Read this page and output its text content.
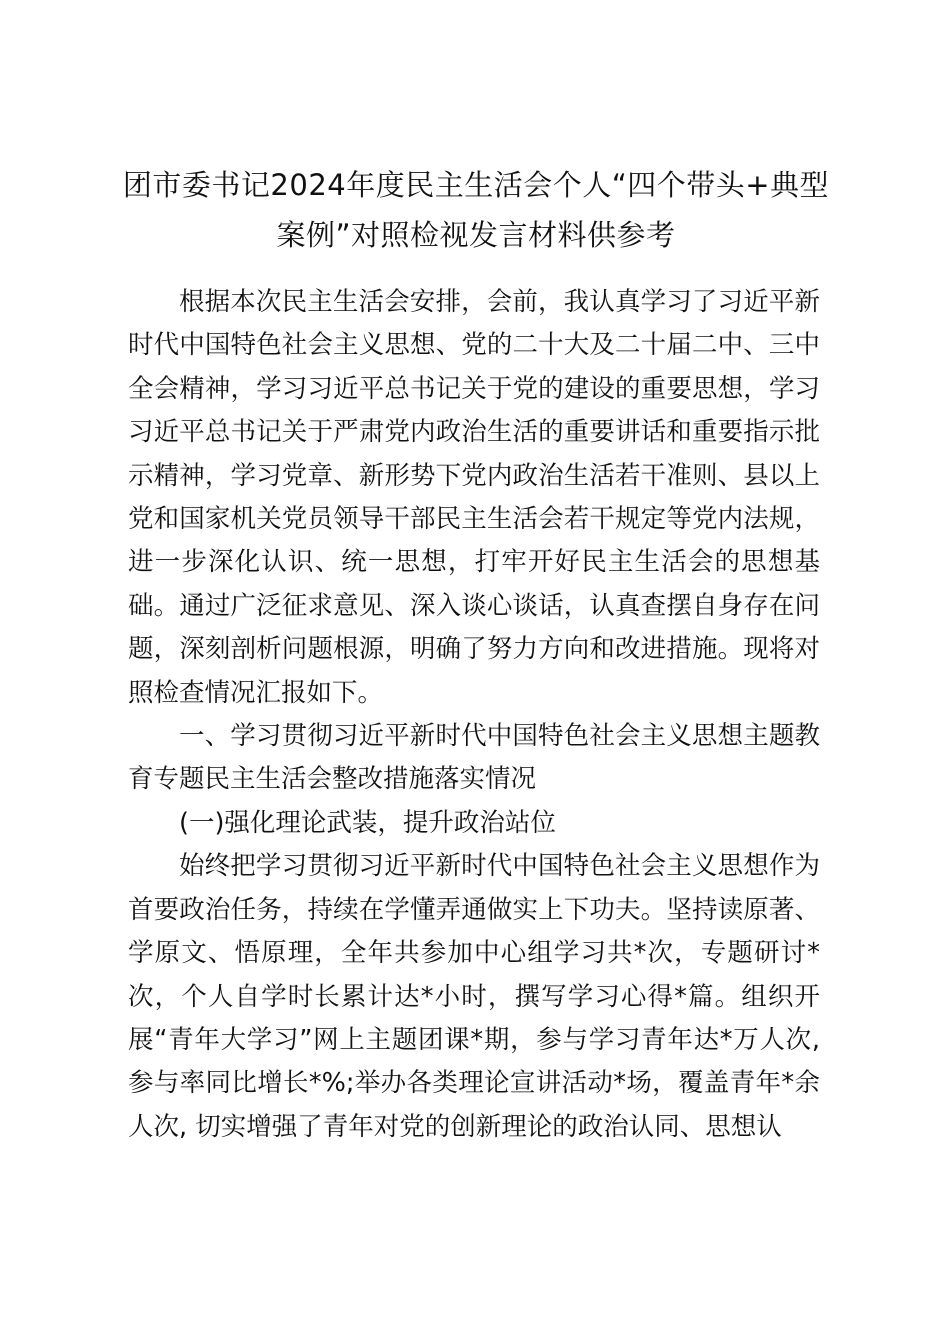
团市委书记2024年度民主生活会个人“四个带头+典型案例”对照检视发言材料供参考

根据本次民主生活会安排，会前，我认真学习了习近平新时代中国特色社会主义思想、党的二十大及二十届二中、三中全会精神，学习习近平总书记关于党的建设的重要思想，学习习近平总书记关于严肃党内政治生活的重要讲话和重要指示批示精神，学习党章、新形势下党内政治生活若干准则、县以上党和国家机关党员领导干部民主生活会若干规定等党内法规，进一步深化认识、统一思想，打牢开好民主生活会的思想基础。通过广泛征求意见、深入谈心谈话，认真查摆自身存在问题，深刻剖析问题根源，明确了努力方向和改进措施。现将对照检查情况汇报如下。

一、学习贯彻习近平新时代中国特色社会主义思想主题教育专题民主生活会整改措施落实情况

(一)强化理论武装，提升政治站位

始终把学习贯彻习近平新时代中国特色社会主义思想作为首要政治任务，持续在学懂弄通做实上下功夫。坚持读原著、学原文、悟原理，全年共参加中心组学习共*次，专题研讨*次，个人自学时长累计达*小时，撰写学习心得*篇。组织开展“青年大学习”网上主题团课*期，参与学习青年达*万人次,参与率同比增长*%;举办各类理论宣讲活动*场，覆盖青年*余人次, 切实增强了青年对党的创新理论的政治认同、思想认
